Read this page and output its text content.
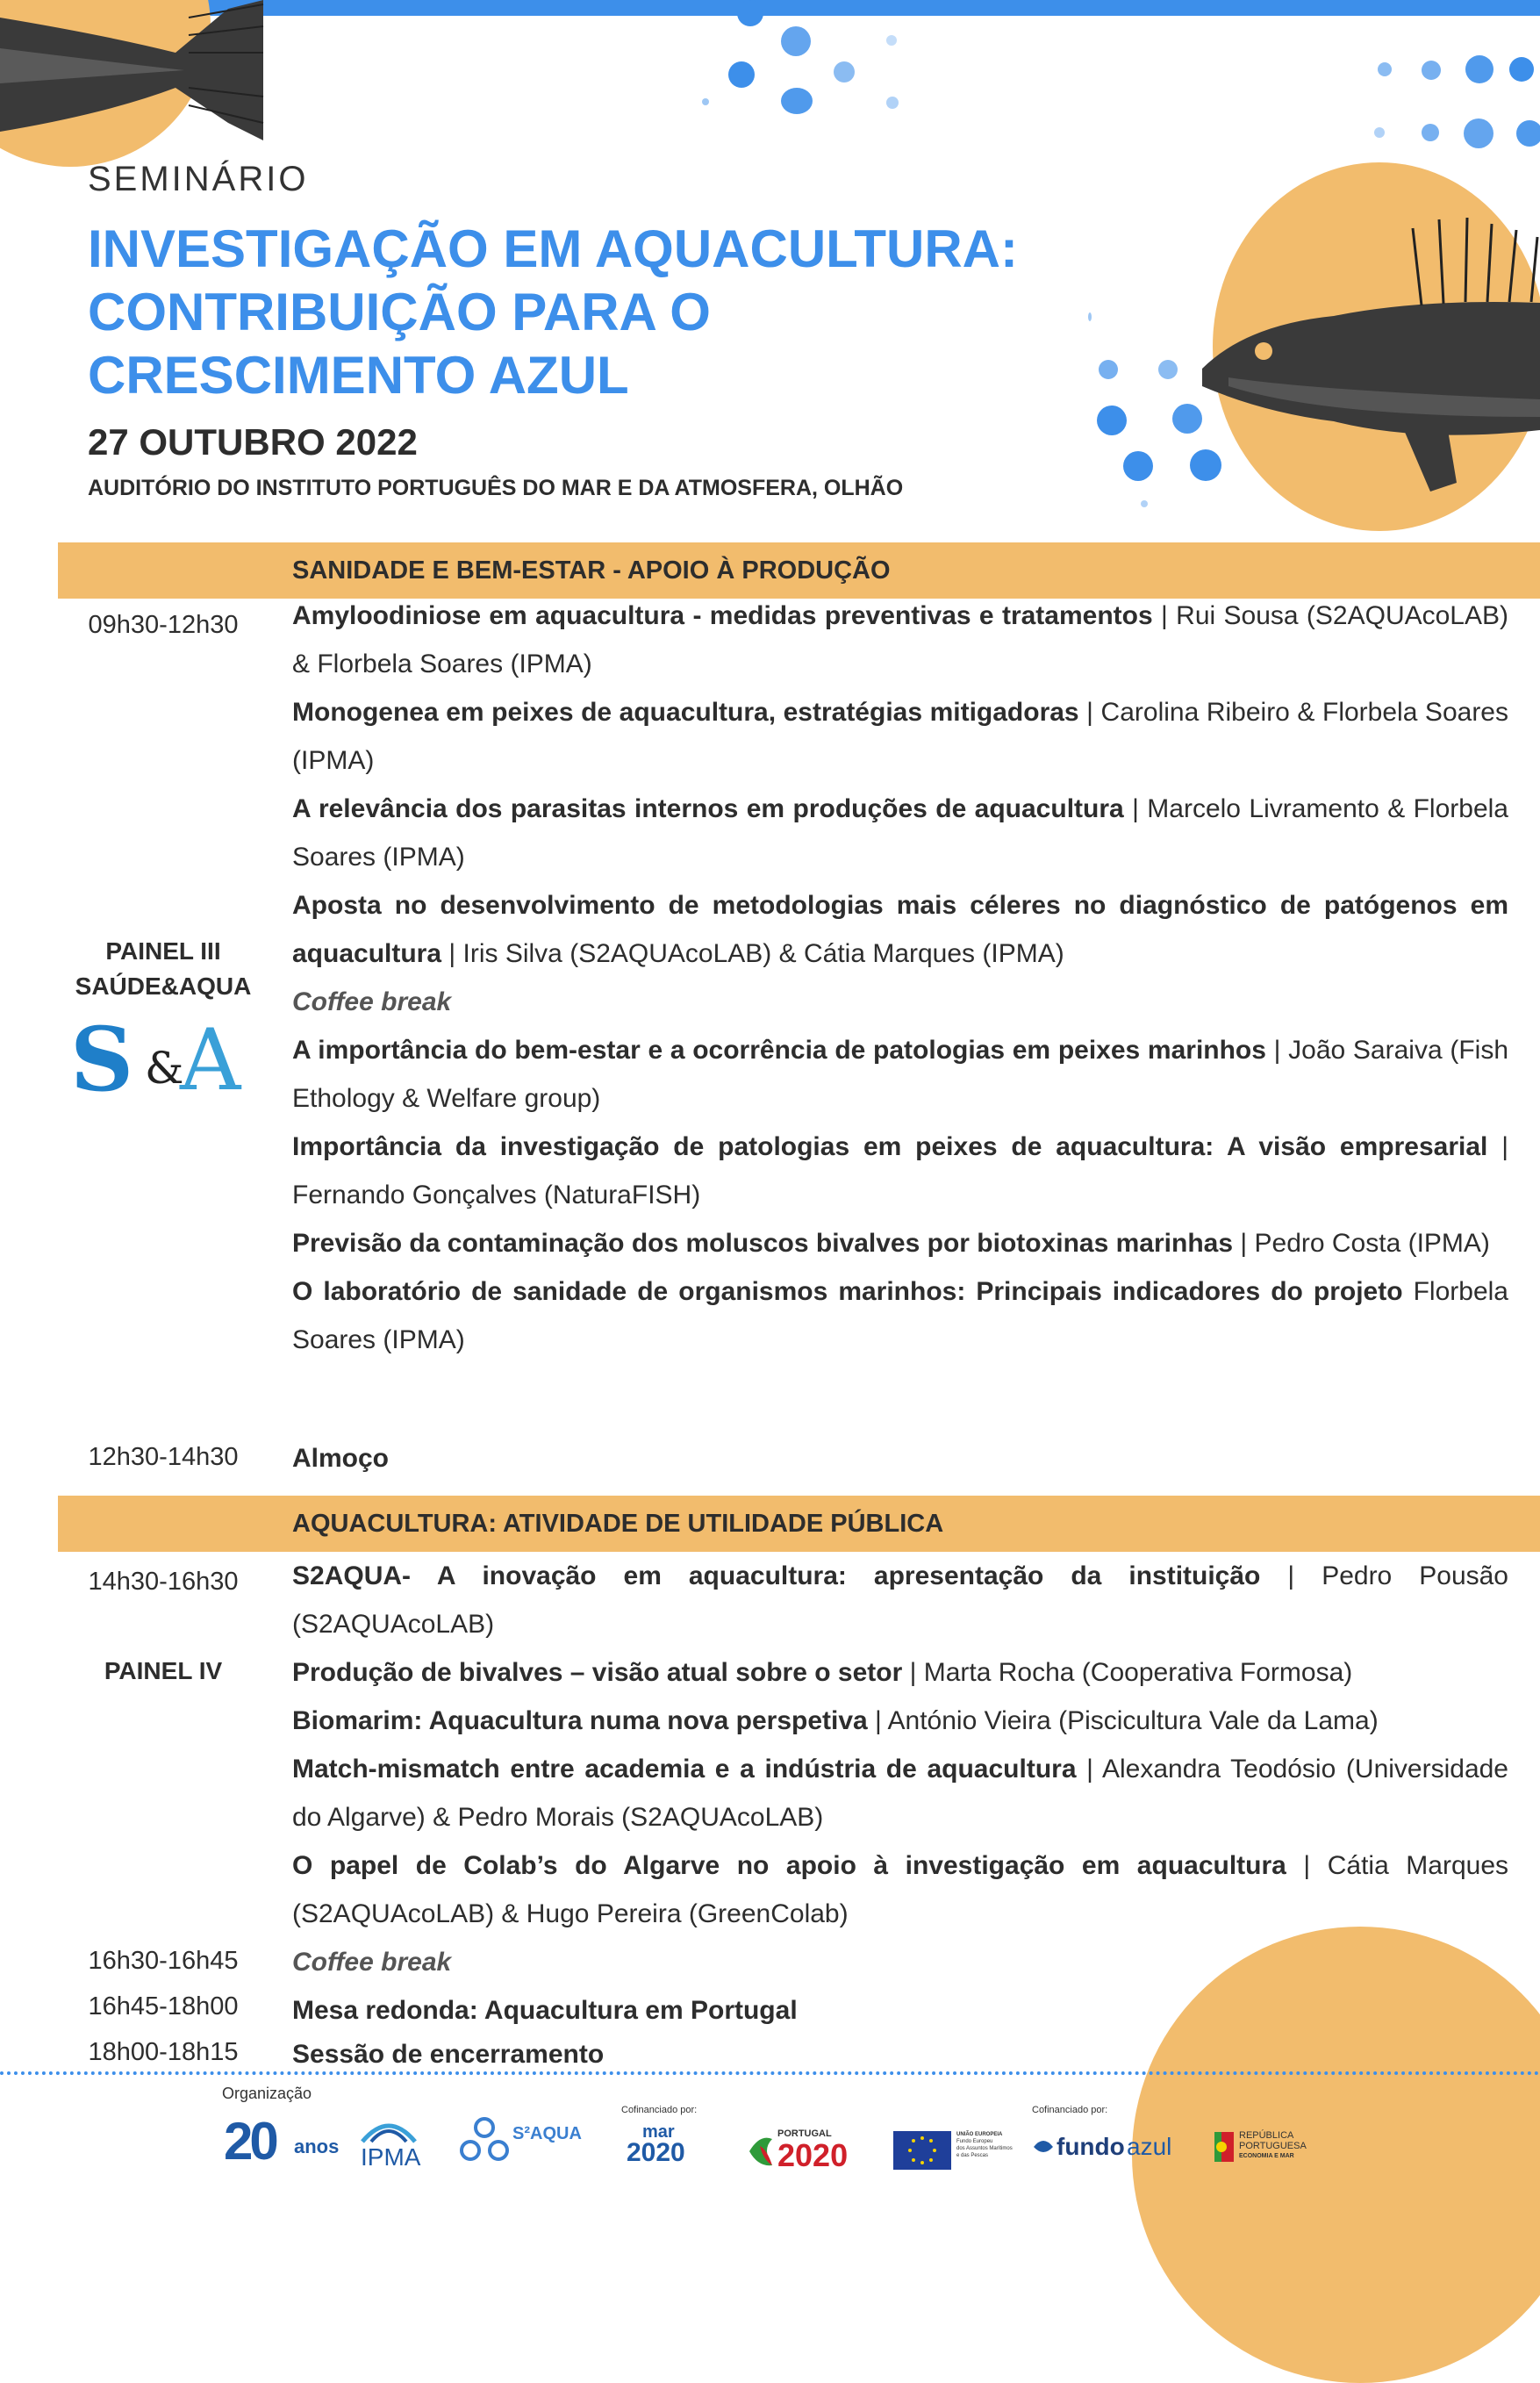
SEMINÁRIO
INVESTIGAÇÃO EM AQUACULTURA:
CONTRIBUIÇÃO PARA O
CRESCIMENTO AZUL
27 OUTUBRO 2022
AUDITÓRIO DO INSTITUTO PORTUGUÊS DO MAR E DA ATMOSFERA, OLHÃO
SANIDADE E BEM-ESTAR - APOIO À PRODUÇÃO
09h30-12h30
PAINEL III
SAÚDE&AQUA
S &
A
Amyloodiniose em aquacultura - medidas preventivas e tratamentos | Rui Sousa (S2AQUAcoLAB) & Florbela Soares (IPMA)
Monogenea em peixes de aquacultura, estratégias mitigadoras | Carolina Ribeiro & Florbela Soares (IPMA)
A relevância dos parasitas internos em produções de aquacultura | Marcelo Livramento & Florbela Soares (IPMA)
Aposta no desenvolvimento de metodologias mais céleres no diagnóstico de patógenos em aquacultura | Iris Silva (S2AQUAcoLAB) & Cátia Marques (IPMA)
Coffee break
A importância do bem-estar e a ocorrência de patologias em peixes marinhos | João Saraiva (Fish Ethology & Welfare group)
Importância da investigação de patologias em peixes de aquacultura: A visão empresarial | Fernando Gonçalves (NaturaFISH)
Previsão da contaminação dos moluscos bivalves por biotoxinas marinhas | Pedro Costa (IPMA)
O laboratório de sanidade de organismos marinhos: Principais indicadores do projeto Florbela Soares (IPMA)
12h30-14h30	Almoço
AQUACULTURA: ATIVIDADE DE UTILIDADE PÚBLICA
14h30-16h30
PAINEL IV
S2AQUA- A inovação em aquacultura: apresentação da instituição | Pedro Pousão (S2AQUAcoLAB)
Produção de bivalves – visão atual sobre o setor | Marta Rocha (Cooperativa Formosa)
Biomarim: Aquacultura numa nova perspetiva | António Vieira (Piscicultura Vale da Lama)
Match-mismatch entre academia e a indústria de aquacultura | Alexandra Teodósio (Universidade do Algarve) & Pedro Morais (S2AQUAcoLAB)
O papel de Colab’s do Algarve no apoio à investigação em aquacultura | Cátia Marques (S2AQUAcoLAB) & Hugo Pereira (GreenColab)
16h30-16h45	Coffee break
16h45-18h00	Mesa redonda: Aquacultura em Portugal
18h00-18h15	Sessão de encerramento
Organização
Cofinanciado por:	Cofinanciado por:
20 anos IPMA
S²AQUA	mar
2020
PORTUGAL
2020
UNIÃO EUROPEIA
Fundo Europeu
dos Assuntos Marítimos
e das Pescas	fundo azul	REPÚBLICA
PORTUGUESA
ECONOMIA E MAR
